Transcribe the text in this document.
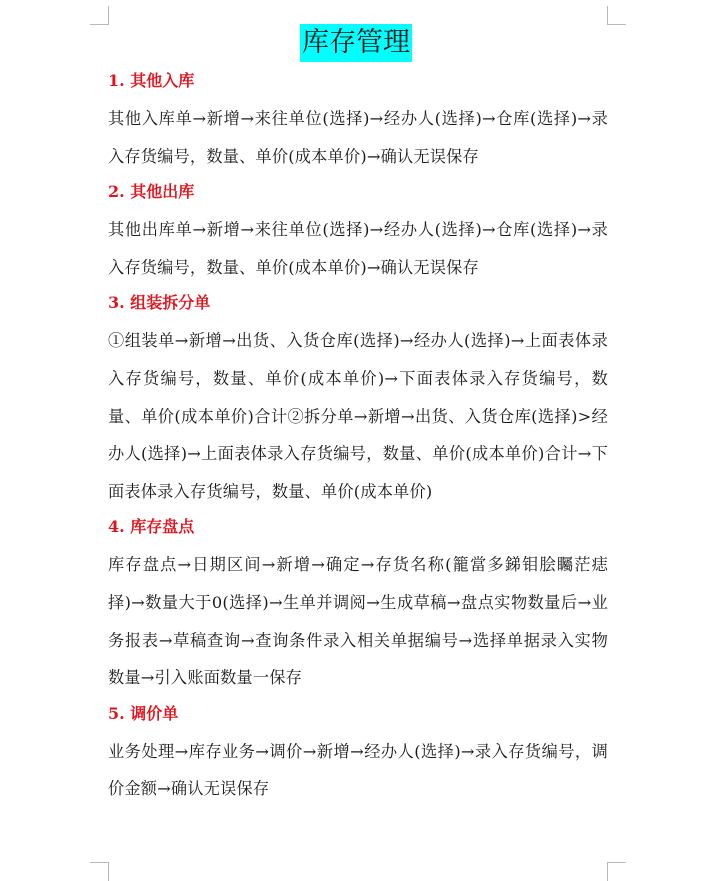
库存管理
1. 其他入库
其他入库单→新增→来往单位(选择)→经办人(选择)→仓库(选择)→录入存货编号，数量、单价(成本单价)→确认无误保存
2. 其他出库
其他出库单→新增→来往单位(选择)→经办人(选择)→仓库(选择)→录入存货编号，数量、单价(成本单价)→确认无误保存
3. 组装拆分单
①组装单→新增→出货、入货仓库(选择)→经办人(选择)→上面表体录入存货编号，数量、单价(成本单价)→下面表体录入存货编号，数量、单价(成本单价)合计②拆分单→新增→出货、入货仓库(选择)>经办人(选择)→上面表体录入存货编号，数量、单价(成本单价)合计→下面表体录入存货编号，数量、单价(成本单价)
4. 库存盘点
库存盘点→日期区间→新增→确定→存货名称(籠當多銻钼脍矚茫痣择)→数量大于0(选择)→生单并调阅→生成草稿→盘点实物数量后→业务报表→草稿查询→查询条件录入相关单据编号→选择单据录入实物数量→引入账面数量一保存
5. 调价单
业务处理→库存业务→调价→新增→经办人(选择)→录入存货编号，调价金额→确认无误保存
